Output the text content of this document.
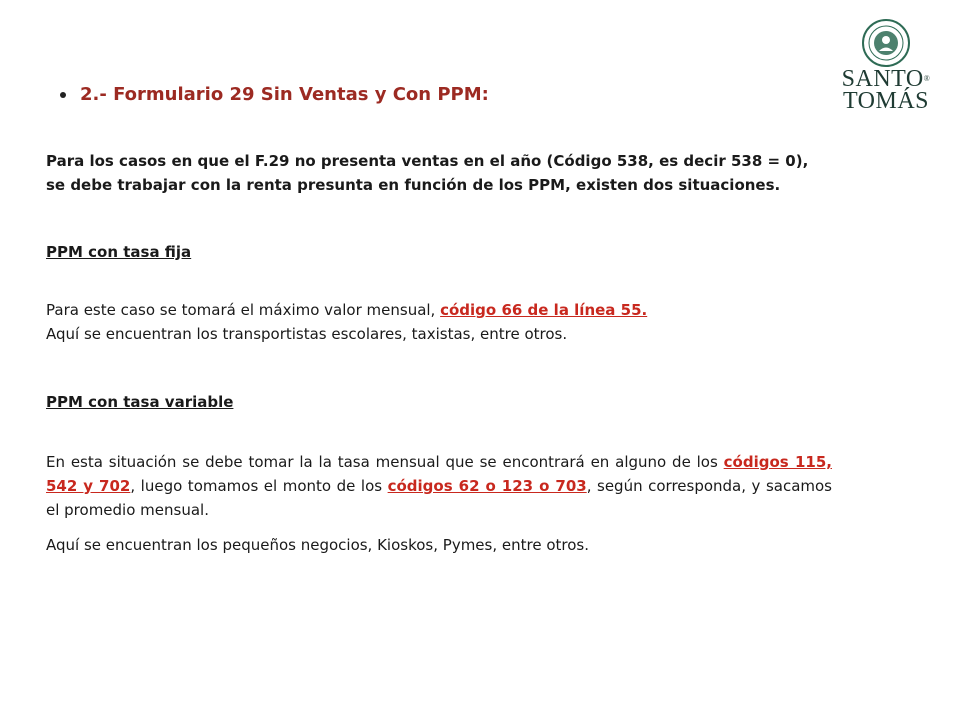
SANTO®
TOMÁS
2.- Formulario 29 Sin Ventas y Con PPM:
Para los casos en que el F.29 no presenta ventas en el año (Código 538, es decir 538 = 0),
se debe trabajar con la renta presunta en función de los PPM, existen dos situaciones.
PPM con tasa fija
Para este caso se tomará el máximo valor mensual, código 66 de la línea 55.
Aquí se encuentran los transportistas escolares, taxistas, entre otros.
PPM con tasa variable
En esta situación se debe tomar la la tasa mensual que se encontrará en alguno de los códigos 115, 542 y 702, luego tomamos el monto de los códigos 62 o 123 o 703, según corresponda, y sacamos el promedio mensual.
Aquí se encuentran los pequeños negocios, Kioskos, Pymes, entre otros.
